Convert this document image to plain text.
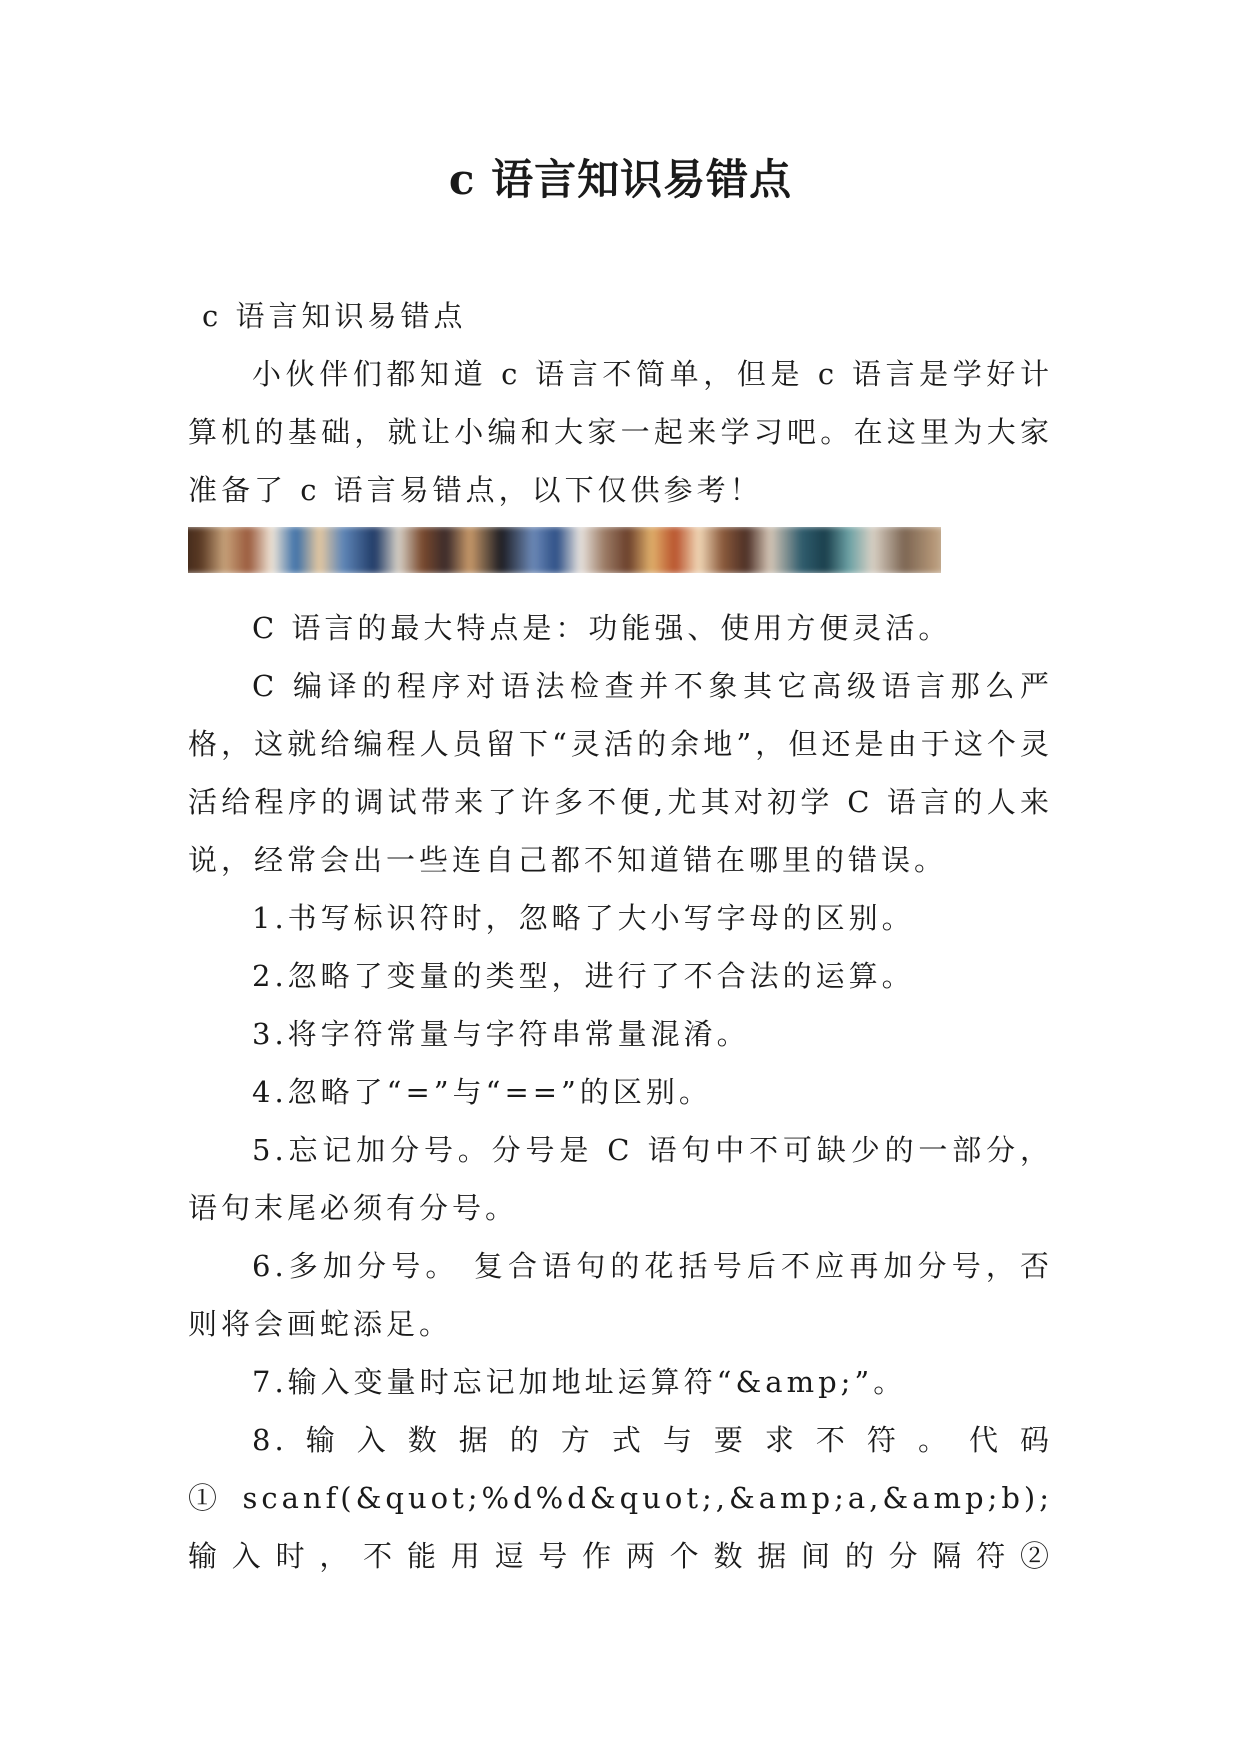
c 语言知识易错点

c 语言知识易错点

小伙伴们都知道 c 语言不简单，但是 c 语言是学好计算机的基础，就让小编和大家一起来学习吧。在这里为大家准备了 c 语言易错点，以下仅供参考！

C 语言的最大特点是：功能强、使用方便灵活。

C 编译的程序对语法检查并不象其它高级语言那么严格，这就给编程人员留下“灵活的余地”，但还是由于这个灵活给程序的调试带来了许多不便,尤其对初学 C 语言的人来说，经常会出一些连自己都不知道错在哪里的错误。

1.书写标识符时，忽略了大小写字母的区别。

2.忽略了变量的类型，进行了不合法的运算。

3.将字符常量与字符串常量混淆。

4.忽略了“=”与“==”的区别。

5.忘记加分号。分号是 C 语句中不可缺少的一部分，语句末尾必须有分号。

6.多加分号。 复合语句的花括号后不应再加分号，否则将会画蛇添足。

7.输入变量时忘记加地址运算符“&amp;”。

8.输入数据的方式与要求不符。代码①scanf(&quot;%d%d&quot;,&amp;a,&amp;b);输入时，不能用逗号作两个数据间的分隔符②
